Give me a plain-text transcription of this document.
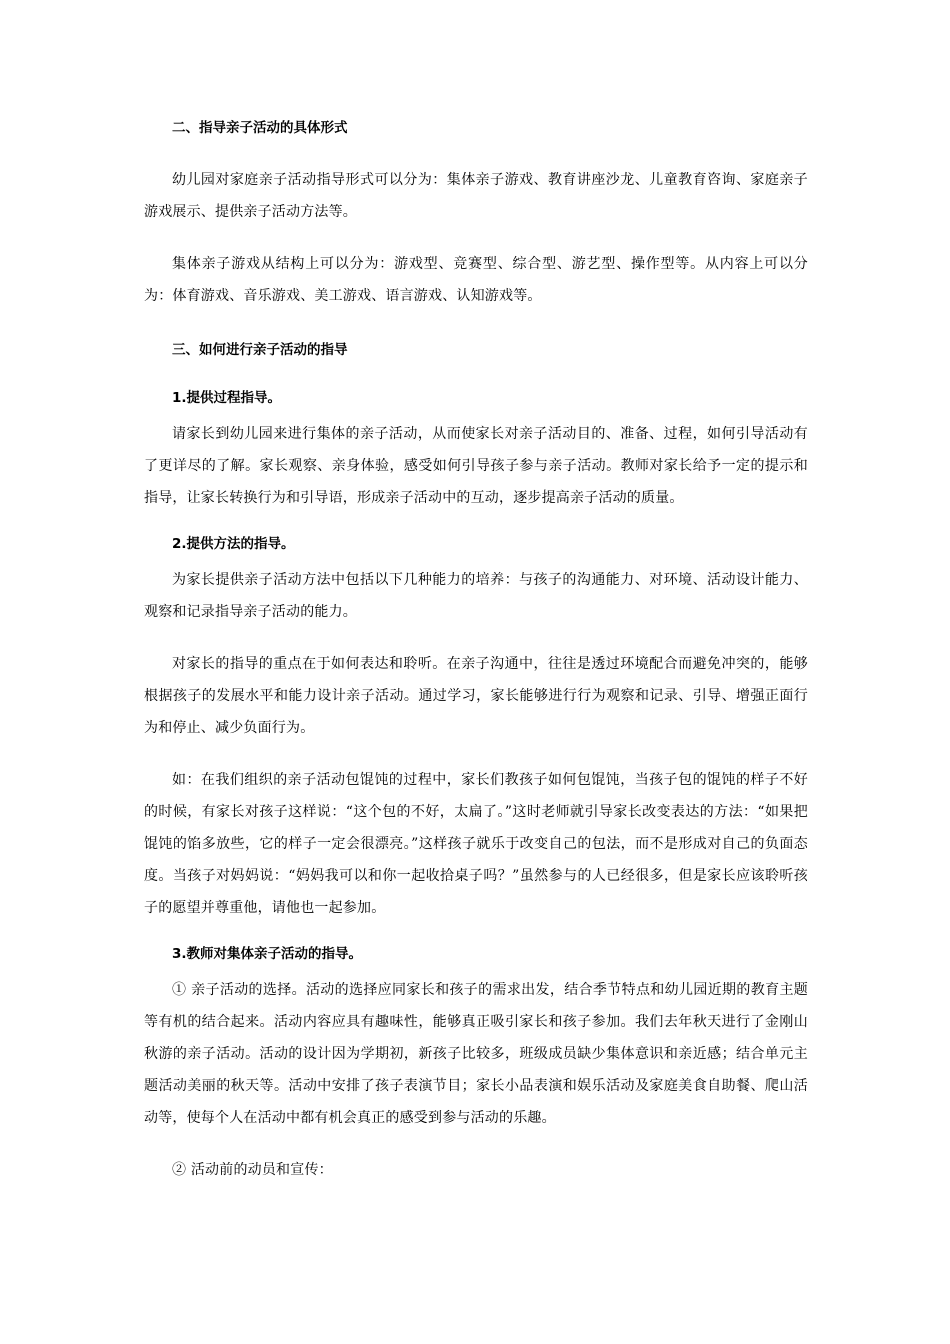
二、指导亲子活动的具体形式

幼儿园对家庭亲子活动指导形式可以分为：集体亲子游戏、教育讲座沙龙、儿童教育咨询、家庭亲子游戏展示、提供亲子活动方法等。

集体亲子游戏从结构上可以分为：游戏型、竞赛型、综合型、游艺型、操作型等。从内容上可以分为：体育游戏、音乐游戏、美工游戏、语言游戏、认知游戏等。

三、如何进行亲子活动的指导

1.提供过程指导。

请家长到幼儿园来进行集体的亲子活动，从而使家长对亲子活动目的、准备、过程，如何引导活动有了更详尽的了解。家长观察、亲身体验，感受如何引导孩子参与亲子活动。教师对家长给予一定的提示和指导，让家长转换行为和引导语，形成亲子活动中的互动，逐步提高亲子活动的质量。

2.提供方法的指导。

为家长提供亲子活动方法中包括以下几种能力的培养：与孩子的沟通能力、对环境、活动设计能力、观察和记录指导亲子活动的能力。

对家长的指导的重点在于如何表达和聆听。在亲子沟通中，往往是透过环境配合而避免冲突的，能够根据孩子的发展水平和能力设计亲子活动。通过学习，家长能够进行行为观察和记录、引导、增强正面行为和停止、减少负面行为。

如：在我们组织的亲子活动包馄饨的过程中，家长们教孩子如何包馄饨，当孩子包的馄饨的样子不好的时候，有家长对孩子这样说：“这个包的不好，太扁了。”这时老师就引导家长改变表达的方法：“如果把馄饨的馅多放些，它的样子一定会很漂亮。”这样孩子就乐于改变自己的包法，而不是形成对自己的负面态度。当孩子对妈妈说：“妈妈我可以和你一起收拾桌子吗？”虽然参与的人已经很多，但是家长应该聆听孩子的愿望并尊重他，请他也一起参加。

3.教师对集体亲子活动的指导。

① 亲子活动的选择。活动的选择应同家长和孩子的需求出发，结合季节特点和幼儿园近期的教育主题等有机的结合起来。活动内容应具有趣味性，能够真正吸引家长和孩子参加。我们去年秋天进行了金刚山秋游的亲子活动。活动的设计因为学期初，新孩子比较多，班级成员缺少集体意识和亲近感；结合单元主题活动美丽的秋天等。活动中安排了孩子表演节目；家长小品表演和娱乐活动及家庭美食自助餐、爬山活动等，使每个人在活动中都有机会真正的感受到参与活动的乐趣。

② 活动前的动员和宣传：
